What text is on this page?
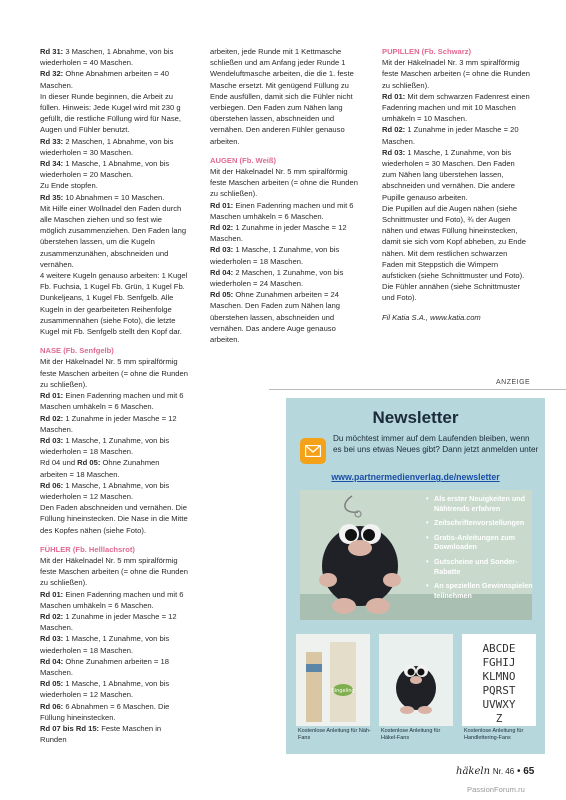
Rd 31: 3 Maschen, 1 Abnahme, von bis wiederholen = 40 Maschen.

Rd 32: Ohne Abnahmen arbeiten = 40 Maschen.

In dieser Runde beginnen, die Arbeit zu füllen. Hinweis: Jede Kugel wird mit 230 g gefüllt, die restliche Füllung wird für Nase, Augen und Fühler benutzt.

Rd 33: 2 Maschen, 1 Abnahme, von bis wiederholen = 30 Maschen.

Rd 34: 1 Masche, 1 Abnahme, von bis wiederholen = 20 Maschen.

Zu Ende stopfen.

Rd 35: 10 Abnahmen = 10 Maschen.

Mit Hilfe einer Wollnadel den Faden durch alle Maschen ziehen und so fest wie möglich zusammenziehen. Den Faden lang überstehen lassen, um die Kugeln zusammenzunähen, abschneiden und vernähen.

4 weitere Kugeln genauso arbeiten: 1 Kugel Fb. Fuchsia, 1 Kugel Fb. Grün, 1 Kugel Fb. Dunkeljeans, 1 Kugel Fb. Senfgelb. Alle Kugeln in der gearbeiteten Reihenfolge zusammennähen (siehe Foto), die letzte Kugel mit Fb. Senfgelb stellt den Kopf dar.

NASE (Fb. Senfgelb)

Mit der Häkelnadel Nr. 5 mm spiralförmig feste Maschen arbeiten (= ohne die Runden zu schließen).

Rd 01: Einen Fadenring machen und mit 6 Maschen umhäkeln = 6 Maschen.

Rd 02: 1 Zunahme in jeder Masche = 12 Maschen.

Rd 03: 1 Masche, 1 Zunahme, von bis wiederholen = 18 Maschen.

Rd 04 und Rd 05: Ohne Zunahmen arbeiten = 18 Maschen.

Rd 06: 1 Masche, 1 Abnahme, von bis wiederholen = 12 Maschen.

Den Faden abschneiden und vernähen. Die Füllung hineinstecken. Die Nase in die Mitte des Kopfes nähen (siehe Foto).

FÜHLER (Fb. Helllachsrot)

Mit der Häkelnadel Nr. 5 mm spiralförmig feste Maschen arbeiten (= ohne die Runden zu schließen).

Rd 01: Einen Fadenring machen und mit 6 Maschen umhäkeln = 6 Maschen.

Rd 02: 1 Zunahme in jeder Masche = 12 Maschen.

Rd 03: 1 Masche, 1 Zunahme, von bis wiederholen = 18 Maschen.

Rd 04: Ohne Zunahmen arbeiten = 18 Maschen.

Rd 05: 1 Masche, 1 Abnahme, von bis wiederholen = 12 Maschen.

Rd 06: 6 Abnahmen = 6 Maschen. Die Füllung hineinstecken.

Rd 07 bis Rd 15: Feste Maschen in Runden

arbeiten, jede Runde mit 1 Kettmasche schließen und am Anfang jeder Runde 1 Wendeluftmasche arbeiten, die die 1. feste Masche ersetzt. Mit genügend Füllung zu Ende ausfüllen, damit sich die Fühler nicht verbiegen. Den Faden zum Nähen lang überstehen lassen, abschneiden und vernähen. Den anderen Fühler genauso arbeiten.

AUGEN (Fb. Weiß)

Mit der Häkelnadel Nr. 5 mm spiralförmig feste Maschen arbeiten (= ohne die Runden zu schließen).

Rd 01: Einen Fadenring machen und mit 6 Maschen umhäkeln = 6 Maschen.

Rd 02: 1 Zunahme in jeder Masche = 12 Maschen.

Rd 03: 1 Masche, 1 Zunahme, von bis wiederholen = 18 Maschen.

Rd 04: 2 Maschen, 1 Zunahme, von bis wiederholen = 24 Maschen.

Rd 05: Ohne Zunahmen arbeiten = 24 Maschen. Den Faden zum Nähen lang überstehen lassen, abschneiden und vernähen. Das andere Auge genauso arbeiten.

PUPILLEN (Fb. Schwarz)

Mit der Häkelnadel Nr. 3 mm spiralförmig feste Maschen arbeiten (= ohne die Runden zu schließen).

Rd 01: Mit dem schwarzen Fadenrest einen Fadenring machen und mit 10 Maschen umhäkeln = 10 Maschen.

Rd 02: 1 Zunahme in jeder Masche = 20 Maschen.

Rd 03: 1 Masche, 1 Zunahme, von bis wiederholen = 30 Maschen. Den Faden zum Nähen lang überstehen lassen, abschneiden und vernähen. Die andere Pupille genauso arbeiten.

Die Pupillen auf die Augen nähen (siehe Schnittmuster und Foto), ¾ der Augen nähen und etwas Füllung hineinstecken, damit sie sich vom Kopf abheben, zu Ende nähen. Mit dem restlichen schwarzen Faden mit Steppstich die Wimpern aufsticken (siehe Schnittmuster und Foto). Die Fühler annähen (siehe Schnittmuster und Foto).

Fil Katia S.A., www.katia.com

ANZEIGE
Newsletter
Du möchtest immer auf dem Laufenden bleiben, wenn es bei uns etwas Neues gibt? Dann jetzt anmelden unter
www.partnermedienverlag.de/newsletter
• Als erster Neuigkeiten und Nähtrends erfahren
• Zeitschriftenvorstellungen
• Gratis-Anleitungen zum Downloaden
• Gutscheine und Sonder-Rabatte
• An speziellen Gewinnspielen teilnehmen
Bingeling
ABCDE
FGHIJ
KLMNO
PQRST
UVWXY
Z
Kostenlose Anleitung für Näh-Fans
Kostenlose Anleitung für Häkel-Fans
Kostenlose Anleitung für Handlettering-Fans
häkeln Nr. 46 • 65
PassionForum.ru
